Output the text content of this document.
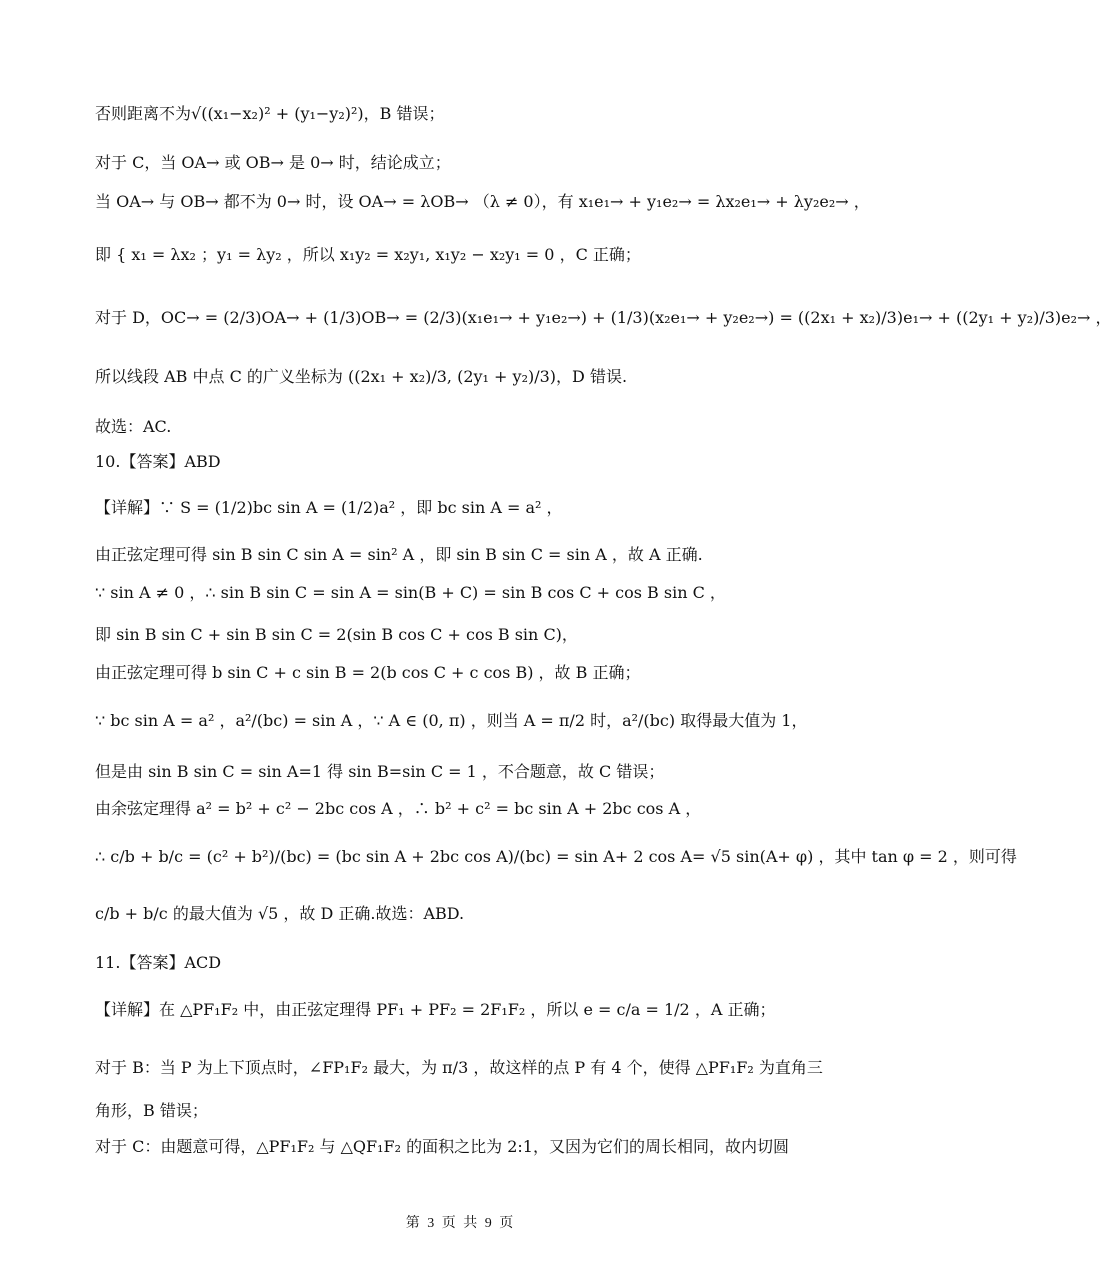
否则距离不为√((x₁−x₂)² + (y₁−y₂)²)，B 错误；
对于 C，当 OA→ 或 OB→ 是 0→ 时，结论成立；
当 OA→ 与 OB→ 都不为 0→ 时，设 OA→ = λOB→ （λ ≠ 0），有 x₁e₁→ + y₁e₂→ = λx₂e₁→ + λy₂e₂→ ，
即 { x₁ = λx₂ ；y₁ = λy₂ ，所以 x₁y₂ = x₂y₁, x₁y₂ − x₂y₁ = 0 ，C 正确；
对于 D，OC→ = (2/3)OA→ + (1/3)OB→ = (2/3)(x₁e₁→ + y₁e₂→) + (1/3)(x₂e₁→ + y₂e₂→) = ((2x₁ + x₂)/3)e₁→ + ((2y₁ + y₂)/3)e₂→ ，
所以线段 AB 中点 C 的广义坐标为 ((2x₁ + x₂)/3, (2y₁ + y₂)/3)，D 错误.
故选：AC.
10.【答案】ABD
【详解】∵ S = (1/2)bc sin A = (1/2)a² ，即 bc sin A = a² ，
由正弦定理可得 sin B sin C sin A = sin² A ，即 sin B sin C = sin A ，故 A 正确.
∵ sin A ≠ 0 ，∴ sin B sin C = sin A = sin(B + C) = sin B cos C + cos B sin C ，
即 sin B sin C + sin B sin C = 2(sin B cos C + cos B sin C)，
由正弦定理可得 b sin C + c sin B = 2(b cos C + c cos B) ，故 B 正确；
∵ bc sin A = a² ，a²/(bc) = sin A ，∵ A ∈ (0, π) ，则当 A = π/2 时，a²/(bc) 取得最大值为 1，
但是由 sin B sin C = sin A=1 得 sin B=sin C = 1 ，不合题意，故 C 错误；
由余弦定理得 a² = b² + c² − 2bc cos A ，∴ b² + c² = bc sin A + 2bc cos A ，
∴ c/b + b/c = (c² + b²)/(bc) = (bc sin A + 2bc cos A)/(bc) = sin A+ 2 cos A= √5 sin(A+ φ) ，其中 tan φ = 2 ，则可得
c/b + b/c 的最大值为 √5 ，故 D 正确.故选：ABD.
11.【答案】ACD
【详解】在 △PF₁F₂ 中，由正弦定理得 PF₁ + PF₂ = 2F₁F₂ ，所以 e = c/a = 1/2 ，A 正确；
对于 B：当 P 为上下顶点时，∠FP₁F₂ 最大，为 π/3 ，故这样的点 P 有 4 个，使得 △PF₁F₂ 为直角三
角形，B 错误；
对于 C：由题意可得，△PF₁F₂ 与 △QF₁F₂ 的面积之比为 2:1，又因为它们的周长相同，故内切圆
第 3 页 共 9 页
